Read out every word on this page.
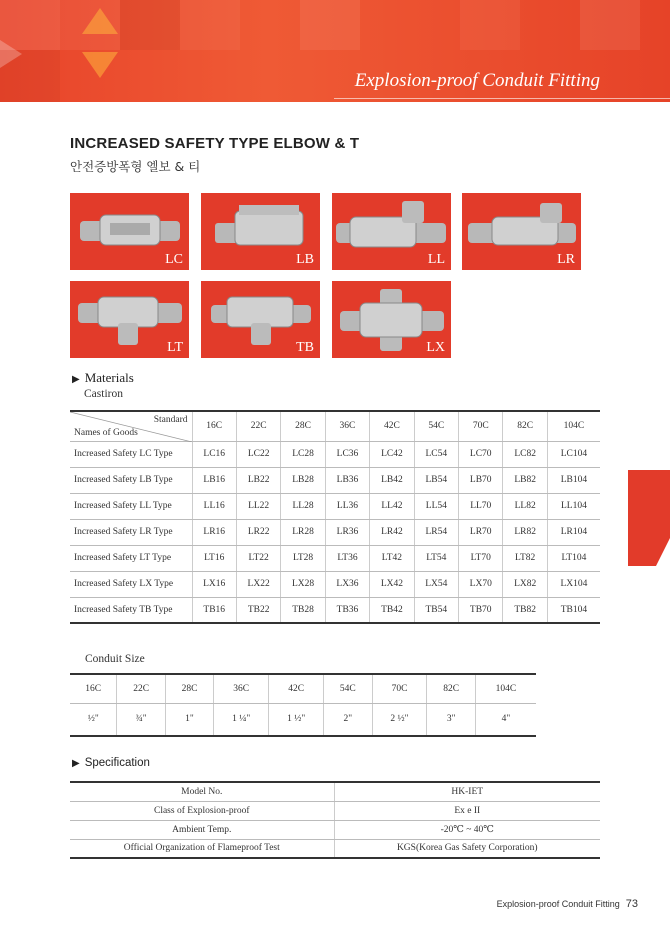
Explosion-proof Conduit Fitting
INCREASED SAFETY TYPE ELBOW & T
안전증방폭형 엘보 & 티
LC	LB	LL	LR
LT	TB	LX
▶ Materials
Castiron
Standard
Names of Goods	16C	22C	28C	36C	42C	54C	70C	82C	104C
Increased Safety LC Type	LC16	LC22	LC28	LC36	LC42	LC54	LC70	LC82	LC104
Increased Safety LB Type	LB16	LB22	LB28	LB36	LB42	LB54	LB70	LB82	LB104
Increased Safety LL Type	LL16	LL22	LL28	LL36	LL42	LL54	LL70	LL82	LL104
Increased Safety LR Type	LR16	LR22	LR28	LR36	LR42	LR54	LR70	LR82	LR104
Increased Safety LT Type	LT16	LT22	LT28	LT36	LT42	LT54	LT70	LT82	LT104
Increased Safety LX Type	LX16	LX22	LX28	LX36	LX42	LX54	LX70	LX82	LX104
Increased Safety TB Type	TB16	TB22	TB28	TB36	TB42	TB54	TB70	TB82	TB104
Conduit Size
16C	22C	28C	36C	42C	54C	70C	82C	104C
½"	¾"	1"	1 ¼"	1 ½"	2"	2 ½"	3"	4"
▶ Specification
Model No.	HK-IET
Class of Explosion-proof	Ex e II
Ambient Temp.	-20℃ ~ 40℃
Official Organization of Flameproof Test	KGS(Korea Gas Safety Corporation)
Explosion-proof Conduit Fitting 73
